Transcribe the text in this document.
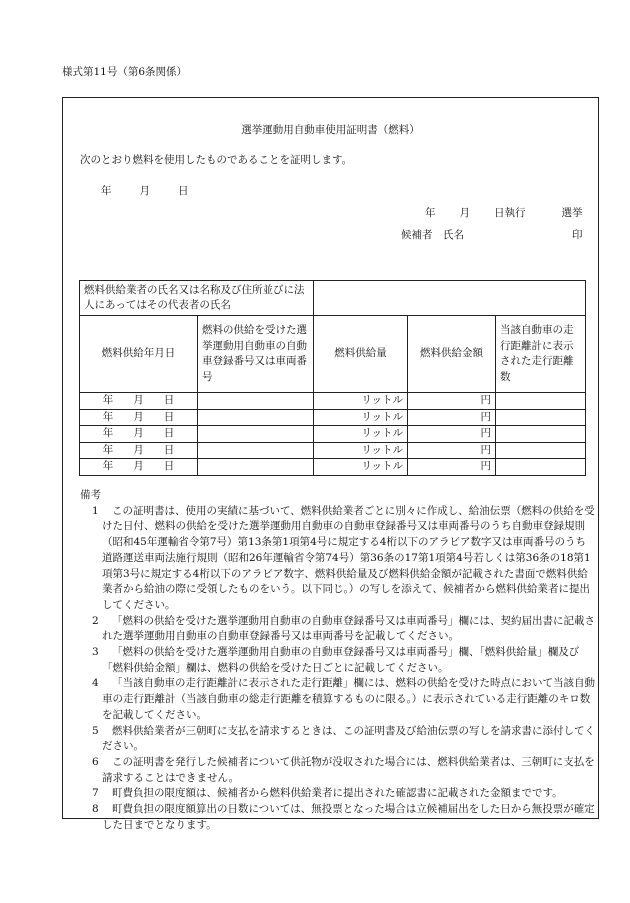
様式第11号（第6条関係）
選挙運動用自動車使用証明書（燃料）
次のとおり燃料を使用したものであることを証明します。
年	月	日
年 月 日執行	選挙
候補者　氏名	印
燃料供給業者の氏名又は名称及び住所並びに法人にあってはその代表者の氏名				
燃料供給年月日	燃料の供給を受けた選挙運動用自動車の自動車登録番号又は車両番号	燃料供給量	燃料供給金額	当該自動車の走行距離計に表示された走行距離数
年 月 日		リットル	円	
年 月 日		リットル	円	
年 月 日		リットル	円	
年 月 日		リットル	円	
年 月 日		リットル	円	
備考
1	この証明書は、使用の実績に基づいて、燃料供給業者ごとに別々に作成し、給油伝票（燃料の供給を受けた日付、燃料の供給を受けた選挙運動用自動車の自動車登録番号又は車両番号のうち自動車登録規則（昭和45年運輸省令第7号）第13条第1項第4号に規定する4桁以下のアラビア数字又は車両番号のうち道路運送車両法施行規則（昭和26年運輸省令第74号）第36条の17第1項第4号若しくは第36条の18第1項第3号に規定する4桁以下のアラビア数字、燃料供給量及び燃料供給金額が記載された書面で燃料供給業者から給油の際に受領したものをいう。以下同じ。）の写しを添えて、候補者から燃料供給業者に提出してください。
2	「燃料の供給を受けた選挙運動用自動車の自動車登録番号又は車両番号」欄には、契約届出書に記載された選挙運動用自動車の自動車登録番号又は車両番号を記載してください。
3	「燃料の供給を受けた選挙運動用自動車の自動車登録番号又は車両番号」欄、「燃料供給量」欄及び「燃料供給金額」欄は、燃料の供給を受けた日ごとに記載してください。
4	「当該自動車の走行距離計に表示された走行距離」欄には、燃料の供給を受けた時点において当該自動車の走行距離計（当該自動車の総走行距離を積算するものに限る。）に表示されている走行距離のキロ数を記載してください。
5	燃料供給業者が三朝町に支払を請求するときは、この証明書及び給油伝票の写しを請求書に添付してください。
6	この証明書を発行した候補者について供託物が没収された場合には、燃料供給業者は、三朝町に支払を請求することはできません。
7	町費負担の限度額は、候補者から燃料供給業者に提出された確認書に記載された金額までです。
8	町費負担の限度額算出の日数については、無投票となった場合は立候補届出をした日から無投票が確定した日までとなります。
